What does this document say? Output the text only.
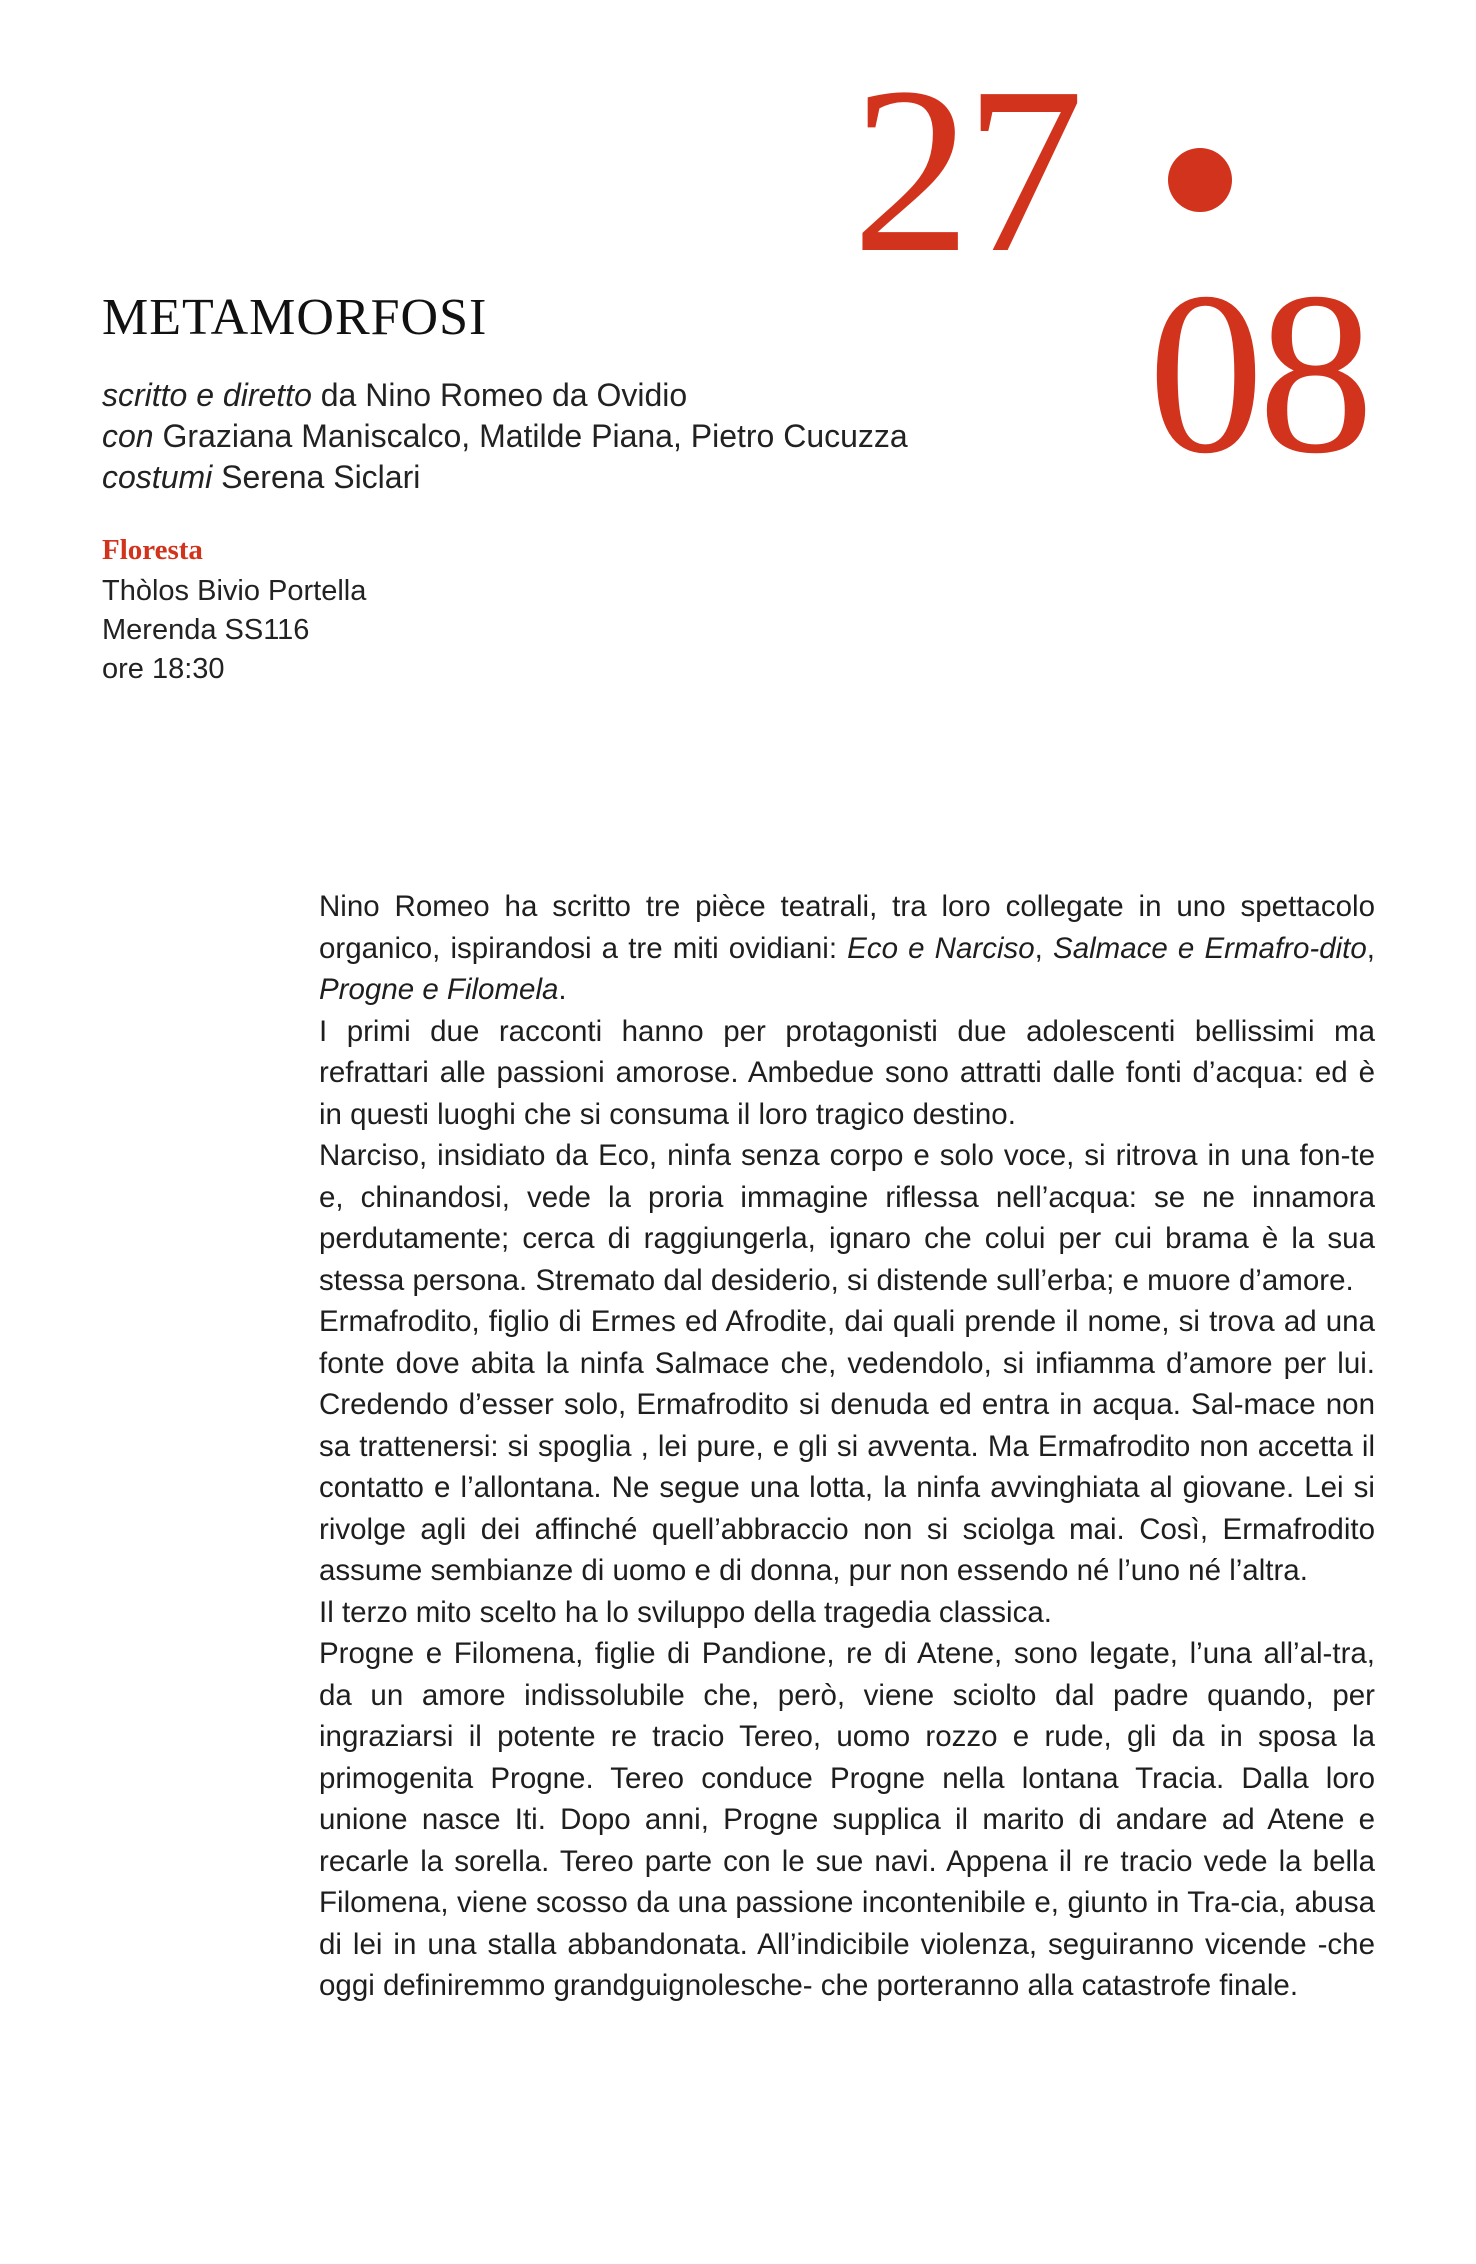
27
08
METAMORFOSI

scritto e diretto da Nino Romeo da Ovidio

con Graziana Maniscalco, Matilde Piana, Pietro Cucuzza

costumi Serena Siclari

Floresta

Thòlos Bivio Portella

Merenda SS116

ore 18:30

Nino Romeo ha scritto tre pièce teatrali, tra loro collegate in uno spettacolo organico, ispirandosi a tre miti ovidiani: Eco e Narciso, Salmace e Ermafro-dito, Progne e Filomela.

I primi due racconti hanno per protagonisti due adolescenti bellissimi ma refrattari alle passioni amorose. Ambedue sono attratti dalle fonti d’acqua: ed è in questi luoghi che si consuma il loro tragico destino.

Narciso, insidiato da Eco, ninfa senza corpo e solo voce, si ritrova in una fon-te e, chinandosi, vede la proria immagine riflessa nell’acqua: se ne innamora perdutamente; cerca di raggiungerla, ignaro che colui per cui brama è la sua stessa persona. Stremato dal desiderio, si distende sull’erba; e muore d’amore.

Ermafrodito, figlio di Ermes ed Afrodite, dai quali prende il nome, si trova ad una fonte dove abita la ninfa Salmace che, vedendolo, si infiamma d’amore per lui. Credendo d’esser solo, Ermafrodito si denuda ed entra in acqua. Sal-mace non sa trattenersi: si spoglia , lei pure, e gli si avventa. Ma Ermafrodito non accetta il contatto e l’allontana. Ne segue una lotta, la ninfa avvinghiata al giovane. Lei si rivolge agli dei affinché quell’abbraccio non si sciolga mai. Così, Ermafrodito assume sembianze di uomo e di donna, pur non essendo né l’uno né l’altra.

Il terzo mito scelto ha lo sviluppo della tragedia classica.

Progne e Filomena, figlie di Pandione, re di Atene, sono legate, l’una all’al-tra, da un amore indissolubile che, però, viene sciolto dal padre quando, per ingraziarsi il potente re tracio Tereo, uomo rozzo e rude, gli da in sposa la primogenita Progne. Tereo conduce Progne nella lontana Tracia. Dalla loro unione nasce Iti. Dopo anni, Progne supplica il marito di andare ad Atene e recarle la sorella. Tereo parte con le sue navi. Appena il re tracio vede la bella Filomena, viene scosso da una passione incontenibile e, giunto in Tra-cia, abusa di lei in una stalla abbandonata. All’indicibile violenza, seguiranno vicende -che oggi definiremmo grandguignolesche- che porteranno alla catastrofe finale.
